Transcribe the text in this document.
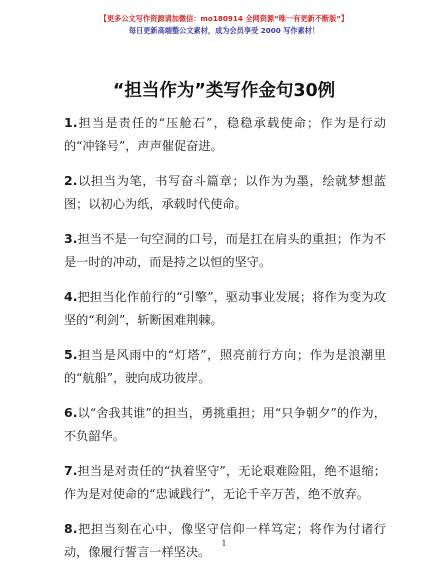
【更多公文写作资源请加微信：mo180914 全网资源“唯一有更新不断版”】
每日更新高端整公文素材，成为会员享受 2000 写作素材！
“担当作为”类写作金句30例

1.担当是责任的“压舱石”，稳稳承载使命；作为是行动的“冲锋号”，声声催促奋进。

2.以担当为笔，书写奋斗篇章；以作为为墨，绘就梦想蓝图；以初心为纸，承载时代使命。

3.担当不是一句空洞的口号，而是扛在肩头的重担；作为不是一时的冲动，而是持之以恒的坚守。

4.把担当化作前行的“引擎”，驱动事业发展；将作为变为攻坚的“利剑”，斩断困难荆棘。

5.担当是风雨中的“灯塔”，照亮前行方向；作为是浪潮里的“航船”，驶向成功彼岸。

6.以“舍我其谁”的担当，勇挑重担；用“只争朝夕”的作为，不负韶华。

7.担当是对责任的“执着坚守”，无论艰难险阻，绝不退缩；作为是对使命的“忠诚践行”，无论千辛万苦，绝不放弃。

8.把担当刻在心中，像坚守信仰一样笃定；将作为付诸行动，像履行誓言一样坚决。

1
